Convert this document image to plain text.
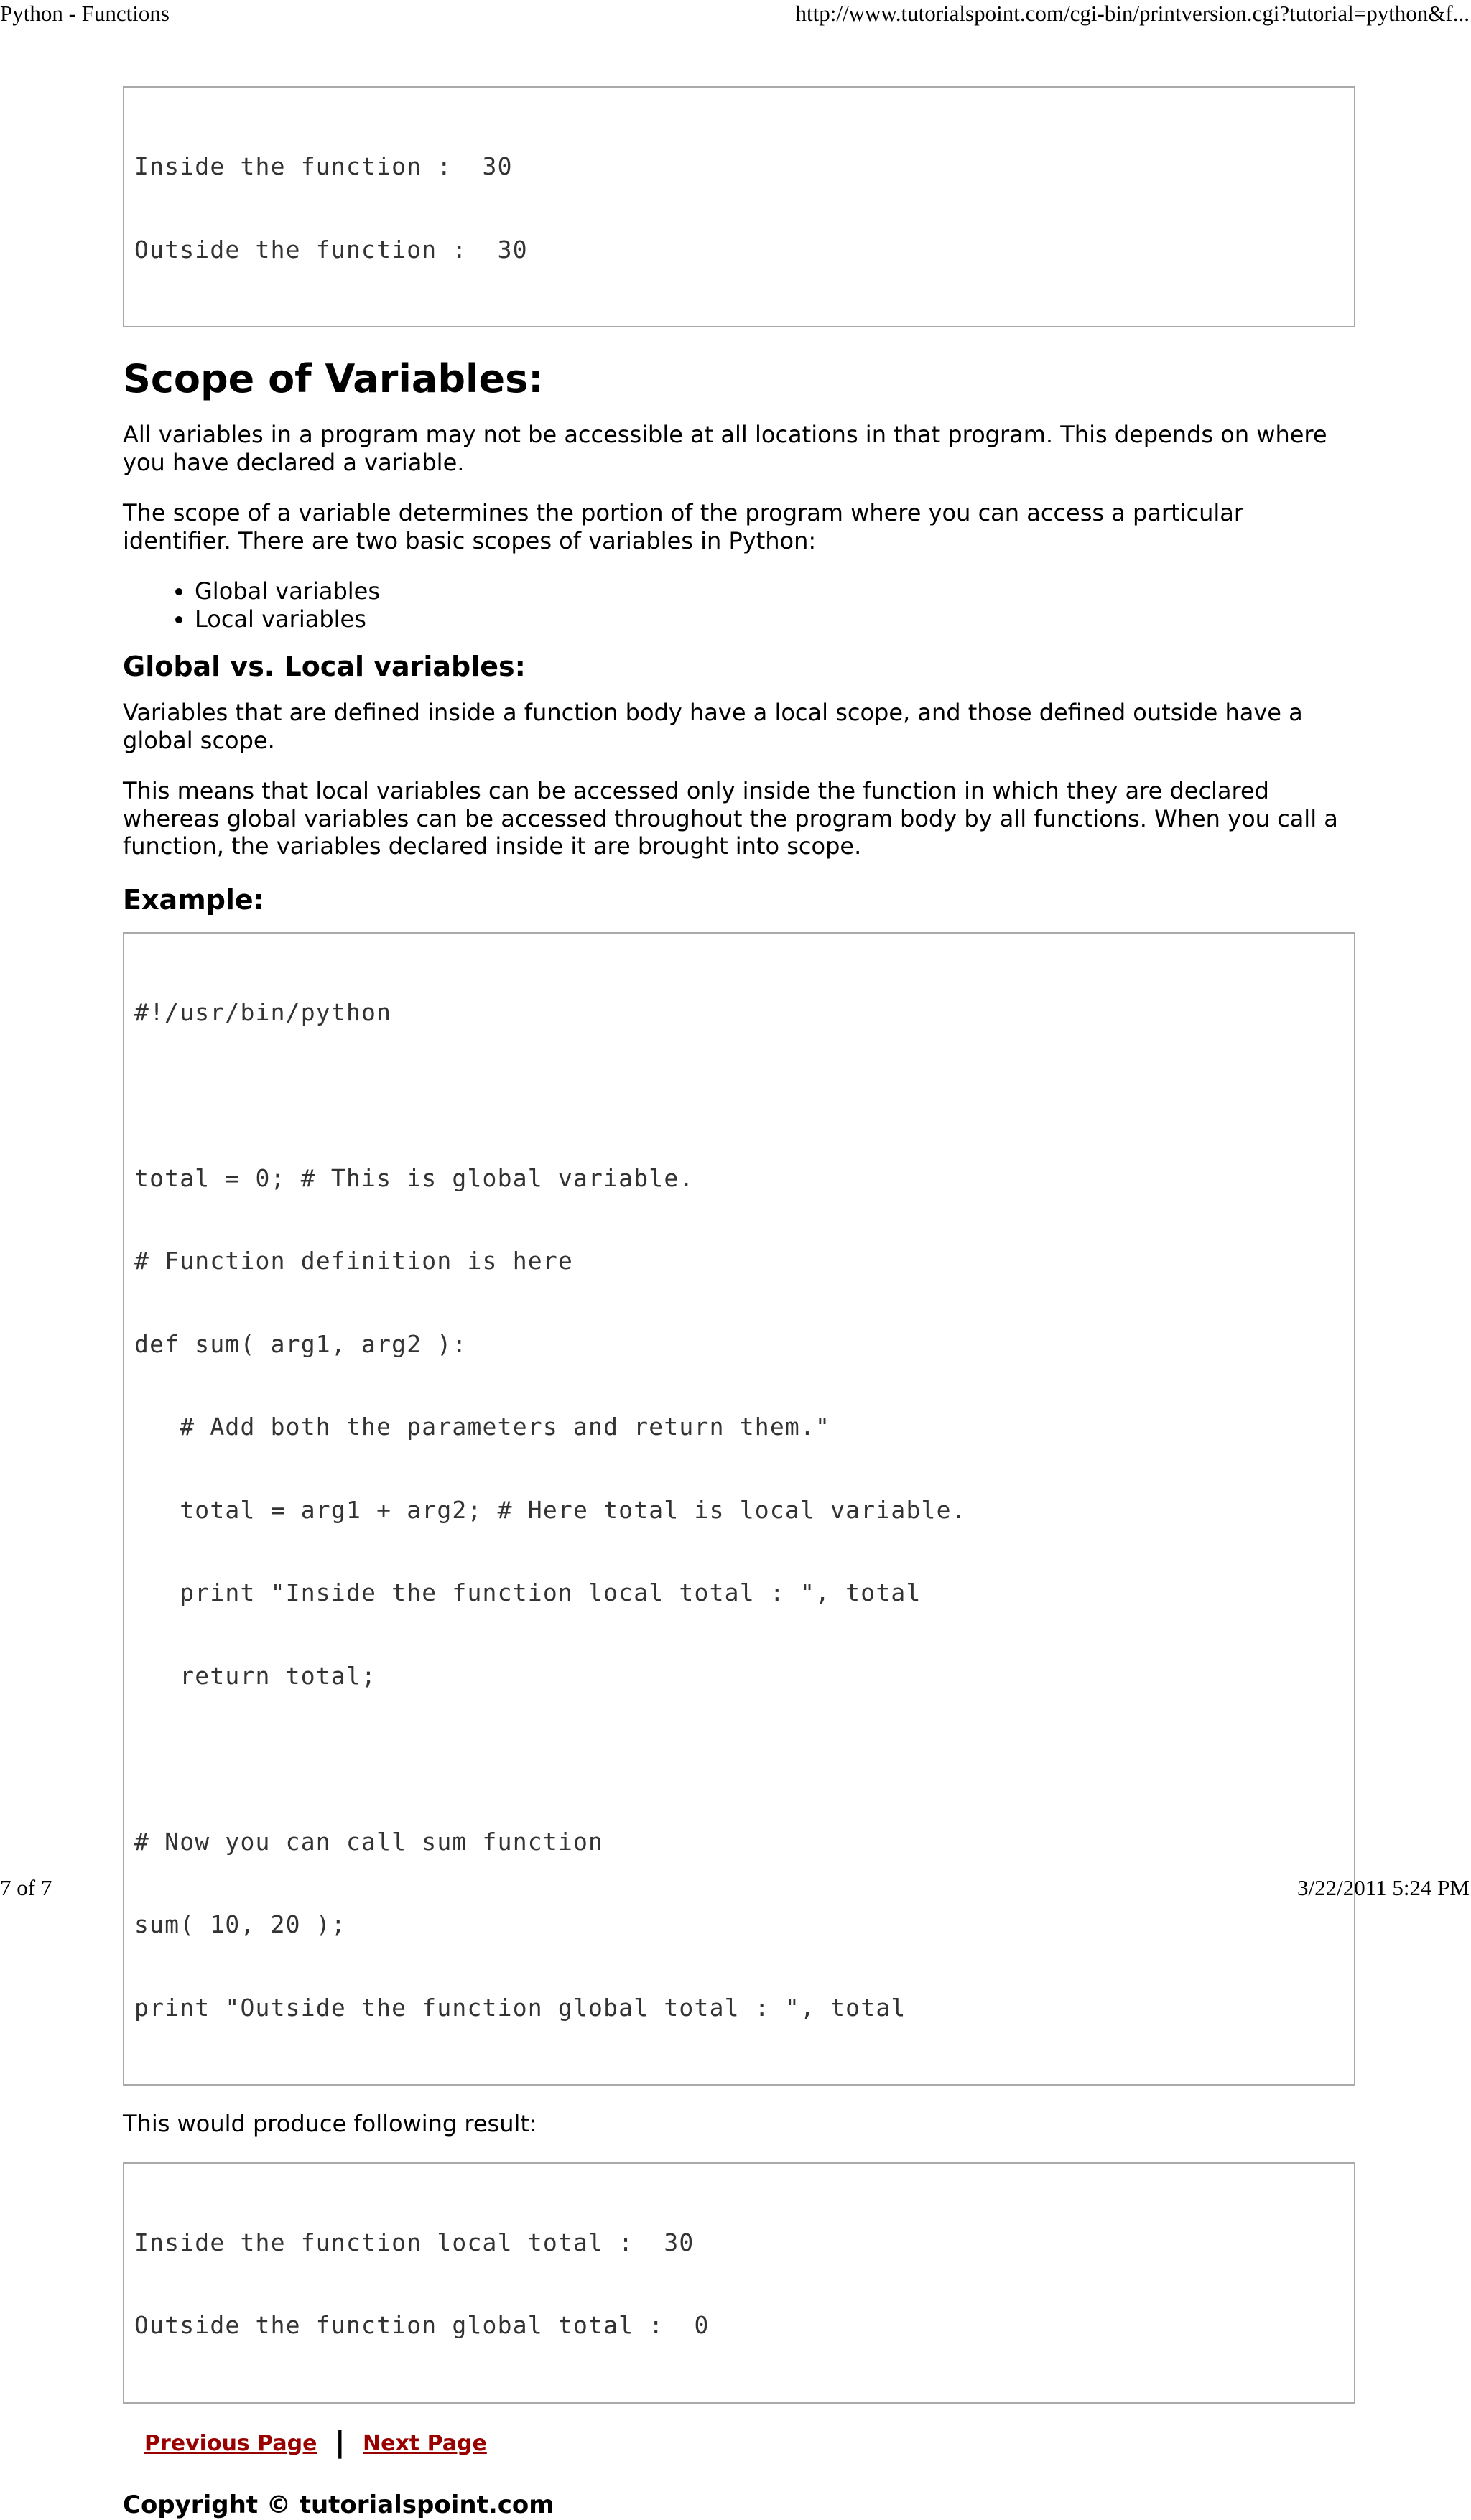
Python - Functions	http://www.tutorialspoint.com/cgi-bin/printversion.cgi?tutorial=python&f...

Inside the function :  30

Outside the function :  30

Scope of Variables:

All variables in a program may not be accessible at all locations in that program. This depends on where you have declared a variable.

The scope of a variable determines the portion of the program where you can access a particular identifier. There are two basic scopes of variables in Python:

• Global variables
• Local variables
Global vs. Local variables:

Variables that are defined inside a function body have a local scope, and those defined outside have a global scope.

This means that local variables can be accessed only inside the function in which they are declared whereas global variables can be accessed throughout the program body by all functions. When you call a function, the variables declared inside it are brought into scope.

Example:

#!/usr/bin/python

total = 0; # This is global variable.

# Function definition is here

def sum( arg1, arg2 ):

# Add both the parameters and return them."

total = arg1 + arg2; # Here total is local variable.

print "Inside the function local total : ", total

return total;

# Now you can call sum function

sum( 10, 20 );

print "Outside the function global total : ", total

This would produce following result:

Inside the function local total :  30

Outside the function global total :  0

Previous Page | Next Page
Copyright © tutorialspoint.com
7 of 7	3/22/2011 5:24 PM
